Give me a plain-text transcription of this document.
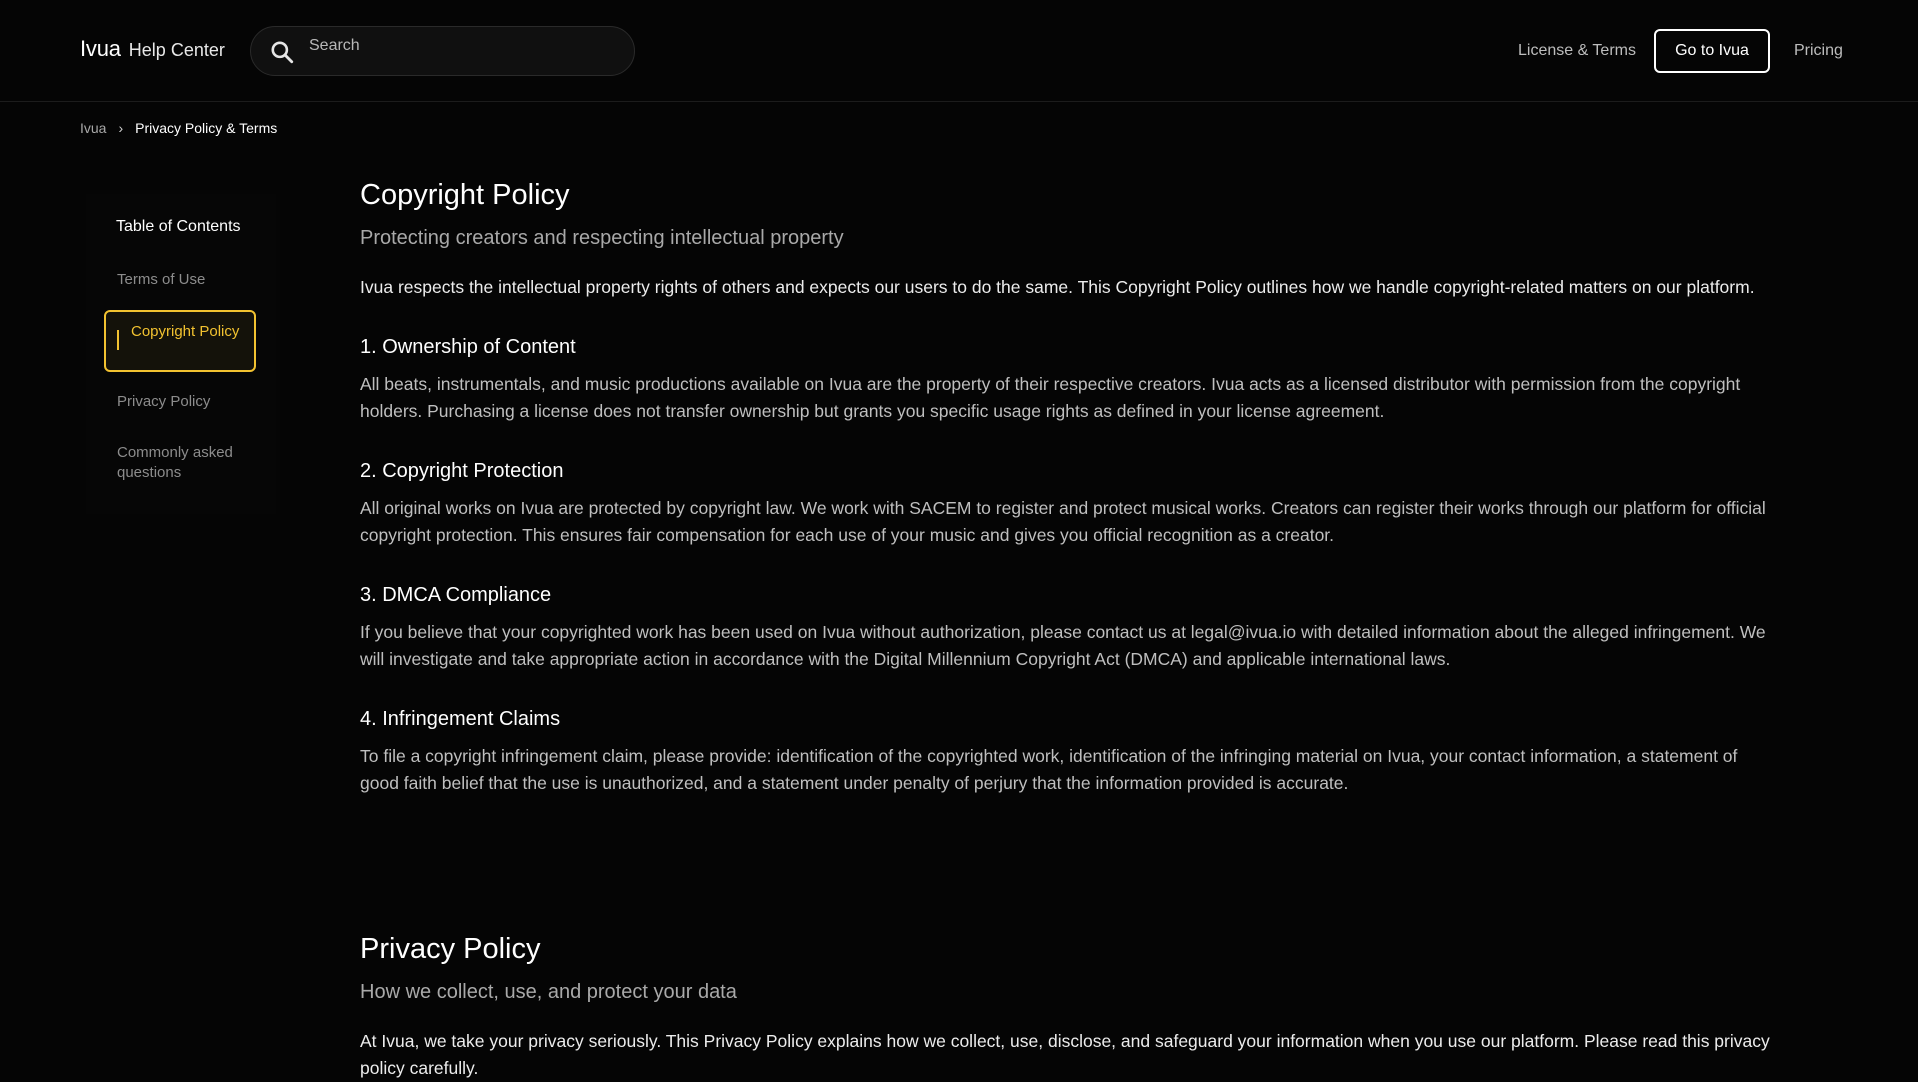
Ivua Help Center
Search	License & Terms	Go to Ivua	Pricing
Ivua › Privacy Policy & Terms
Table of Contents
Terms of Use
Copyright Policy
Privacy Policy
Commonly asked questions
Copyright Policy

Protecting creators and respecting intellectual property

Ivua respects the intellectual property rights of others and expects our users to do the same. This Copyright Policy outlines how we handle copyright-related matters on our platform.

1. Ownership of Content

All beats, instrumentals, and music productions available on Ivua are the property of their respective creators. Ivua acts as a licensed distributor with permission from the copyright holders. Purchasing a license does not transfer ownership but grants you specific usage rights as defined in your license agreement.

2. Copyright Protection

All original works on Ivua are protected by copyright law. We work with SACEM to register and protect musical works. Creators can register their works through our platform for official copyright protection. This ensures fair compensation for each use of your music and gives you official recognition as a creator.

3. DMCA Compliance

If you believe that your copyrighted work has been used on Ivua without authorization, please contact us at legal@ivua.io with detailed information about the alleged infringement. We will investigate and take appropriate action in accordance with the Digital Millennium Copyright Act (DMCA) and applicable international laws.

4. Infringement Claims

To file a copyright infringement claim, please provide: identification of the copyrighted work, identification of the infringing material on Ivua, your contact information, a statement of good faith belief that the use is unauthorized, and a statement under penalty of perjury that the information provided is accurate.

Privacy Policy

How we collect, use, and protect your data

At Ivua, we take your privacy seriously. This Privacy Policy explains how we collect, use, disclose, and safeguard your information when you use our platform. Please read this privacy policy carefully.
